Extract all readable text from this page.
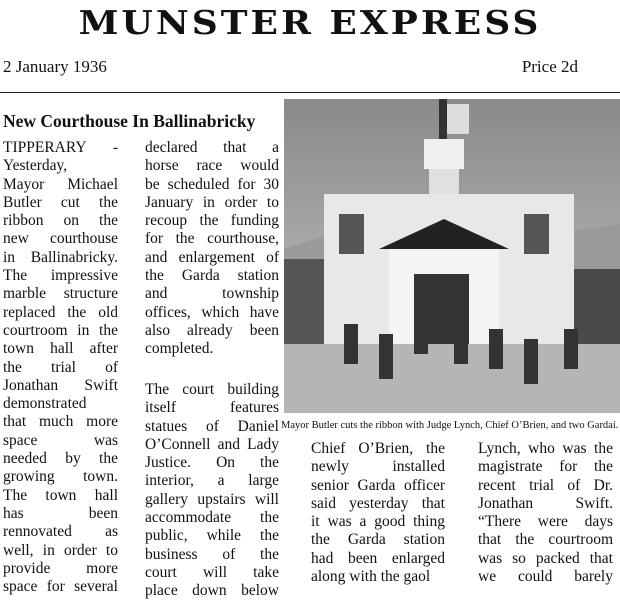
MUNSTER EXPRESS
2 January 1936	Price 2d
New Courthouse In Ballinabricky
TIPPERARY -
Yesterday,
Mayor Michael
Butler cut the
ribbon on the
new courthouse
in Ballinabricky.
The impressive
marble structure
replaced the old
courtroom in the
town hall after
the trial of
Jonathan Swift
demonstrated
that much more
space was
needed by the
growing town.
The town hall
has been
rennovated as
well, in order to
provide more
space for several
declared that a
horse race would
be scheduled for 30
January in order to
recoup the funding
for the courthouse,
and enlargement of
the Garda station
and township
offices, which have
also already been
completed.
The court building
itself features
statues of Daniel
O’Connell and Lady
Justice. On the
interior, a large
gallery upstairs will
accommodate the
public, while the
business of the
court will take
place down below
Chief O’Brien, the
newly installed
senior Garda officer
said yesterday that
it was a good thing
the Garda station
had been enlarged
along with the gaol
Lynch, who was the
magistrate for the
recent trial of Dr.
Jonathan Swift.
“There were days
that the courtroom
was so packed that
we could barely
Mayor Butler cuts the ribbon with Judge Lynch, Chief O’Brien, and two Gardaí.
